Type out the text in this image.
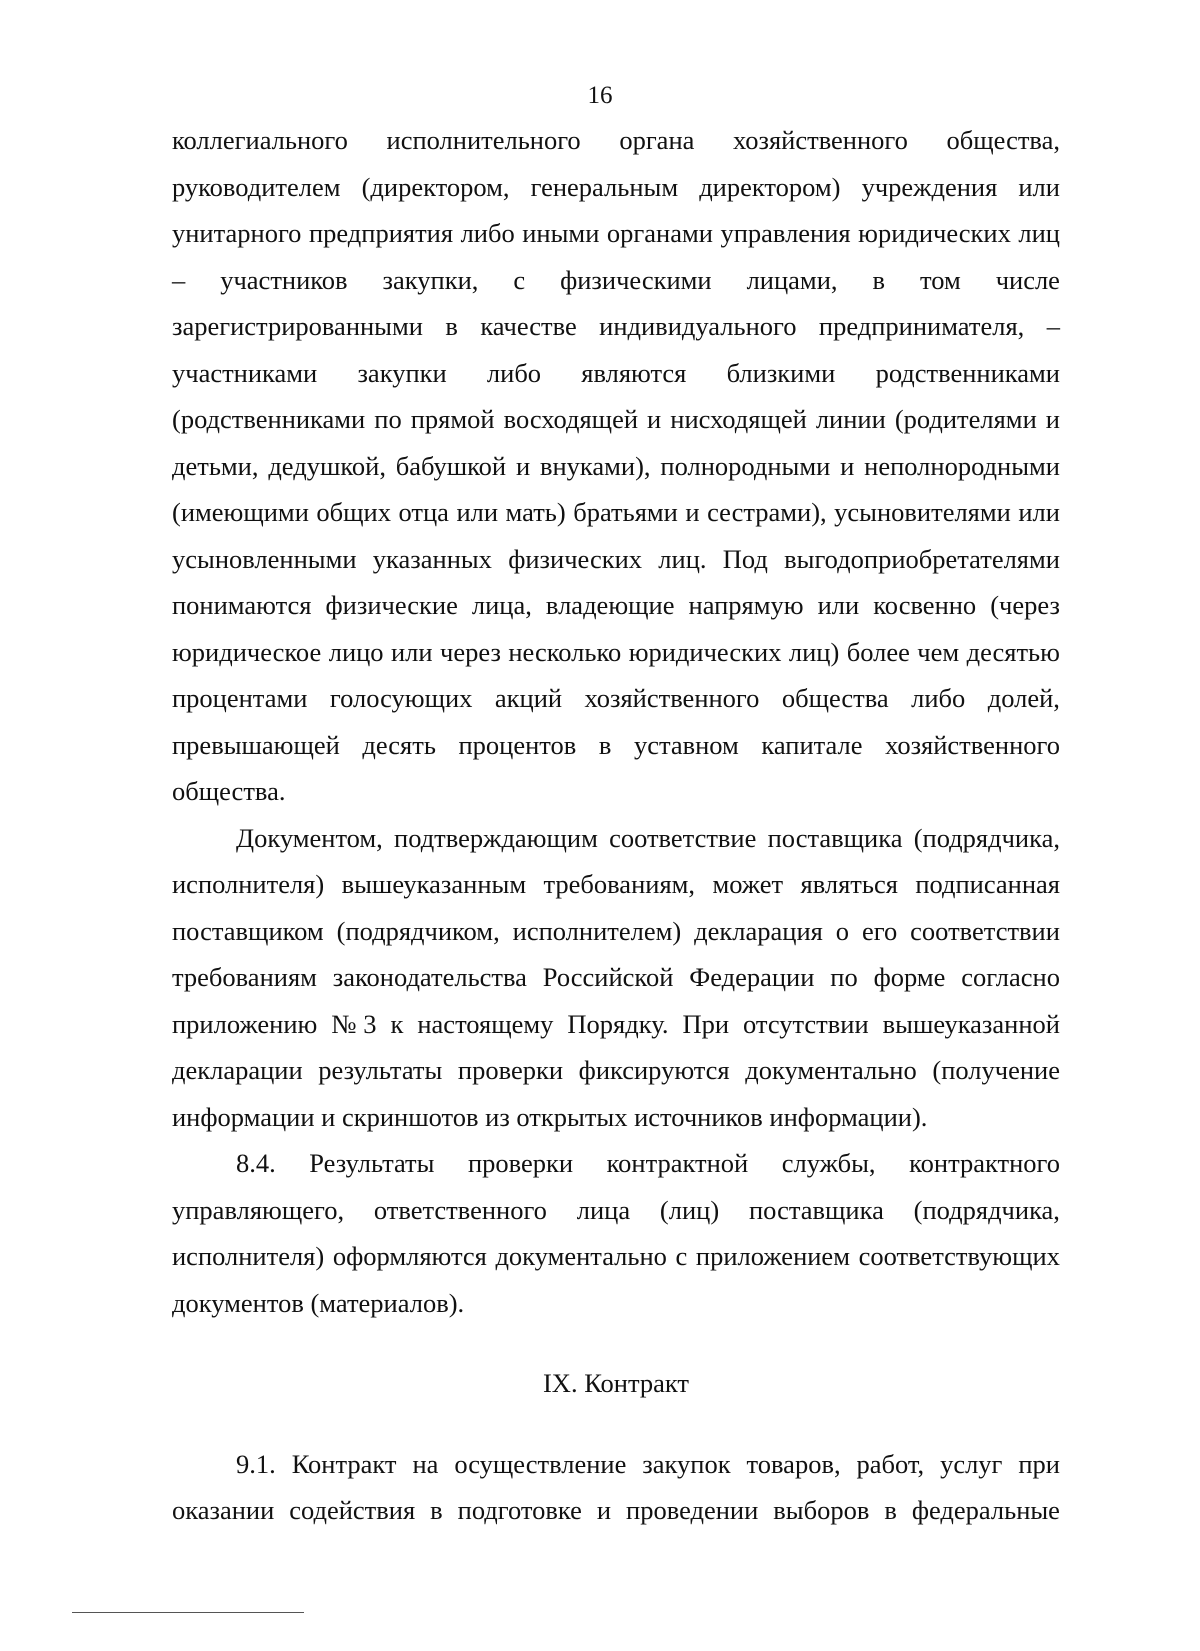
16
коллегиального исполнительного органа хозяйственного общества,
руководителем (директором, генеральным директором) учреждения или
унитарного предприятия либо иными органами управления юридических лиц
– участников закупки, с физическими лицами, в том числе
зарегистрированными в качестве индивидуального предпринимателя, –
участниками закупки либо являются близкими родственниками
(родственниками по прямой восходящей и нисходящей линии (родителями и
детьми, дедушкой, бабушкой и внуками), полнородными и неполнородными
(имеющими общих отца или мать) братьями и сестрами), усыновителями или
усыновленными указанных физических лиц. Под выгодоприобретателями
понимаются физические лица, владеющие напрямую или косвенно (через
юридическое лицо или через несколько юридических лиц) более чем десятью
процентами голосующих акций хозяйственного общества либо долей,
превышающей десять процентов в уставном капитале хозяйственного
общества.
Документом, подтверждающим соответствие поставщика (подрядчика,
исполнителя) вышеуказанным требованиям, может являться подписанная
поставщиком (подрядчиком, исполнителем) декларация о его соответствии
требованиям законодательства Российской Федерации по форме согласно
приложению № 3 к настоящему Порядку. При отсутствии вышеуказанной
декларации результаты проверки фиксируются документально (получение
информации и скриншотов из открытых источников информации).
8.4. Результаты проверки контрактной службы, контрактного
управляющего, ответственного лица (лиц) поставщика (подрядчика,
исполнителя) оформляются документально с приложением соответствующих
документов (материалов).
IX. Контракт
9.1. Контракт на осуществление закупок товаров, работ, услуг при
оказании содействия в подготовке и проведении выборов в федеральные
